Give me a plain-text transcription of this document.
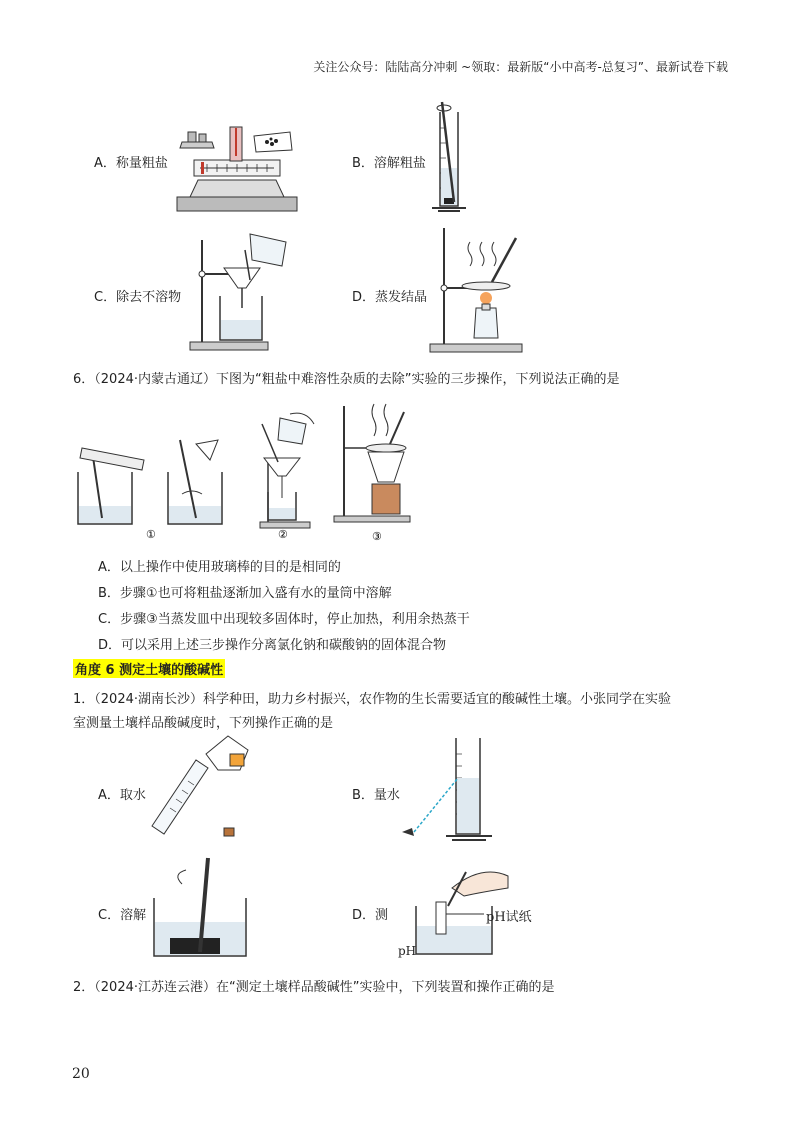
关注公众号：陆陆高分冲刺 ~领取：最新版“小中高考-总复习”、最新试卷下载
A．称量粗盐	B．溶解粗盐
C．除去不溶物	D．蒸发结晶
6．（2024·内蒙古通辽）下图为“粗盐中难溶性杂质的去除”实验的三步操作，下列说法正确的是
①	②	③
A．以上操作中使用玻璃棒的目的是相同的
B．步骤①也可将粗盐逐渐加入盛有水的量筒中溶解
C．步骤③当蒸发皿中出现较多固体时，停止加热，利用余热蒸干
D．可以采用上述三步操作分离氯化钠和碳酸钠的固体混合物
角度 6 测定土壤的酸碱性
1．（2024·湖南长沙）科学种田，助力乡村振兴，农作物的生长需要适宜的酸碱性土壤。小张同学在实验
室测量土壤样品酸碱度时，下列操作正确的是
A．取水	B．量水
C．溶解	D．测	pH试纸
pH
2．（2024·江苏连云港）在“测定土壤样品酸碱性”实验中，下列装置和操作正确的是
20
